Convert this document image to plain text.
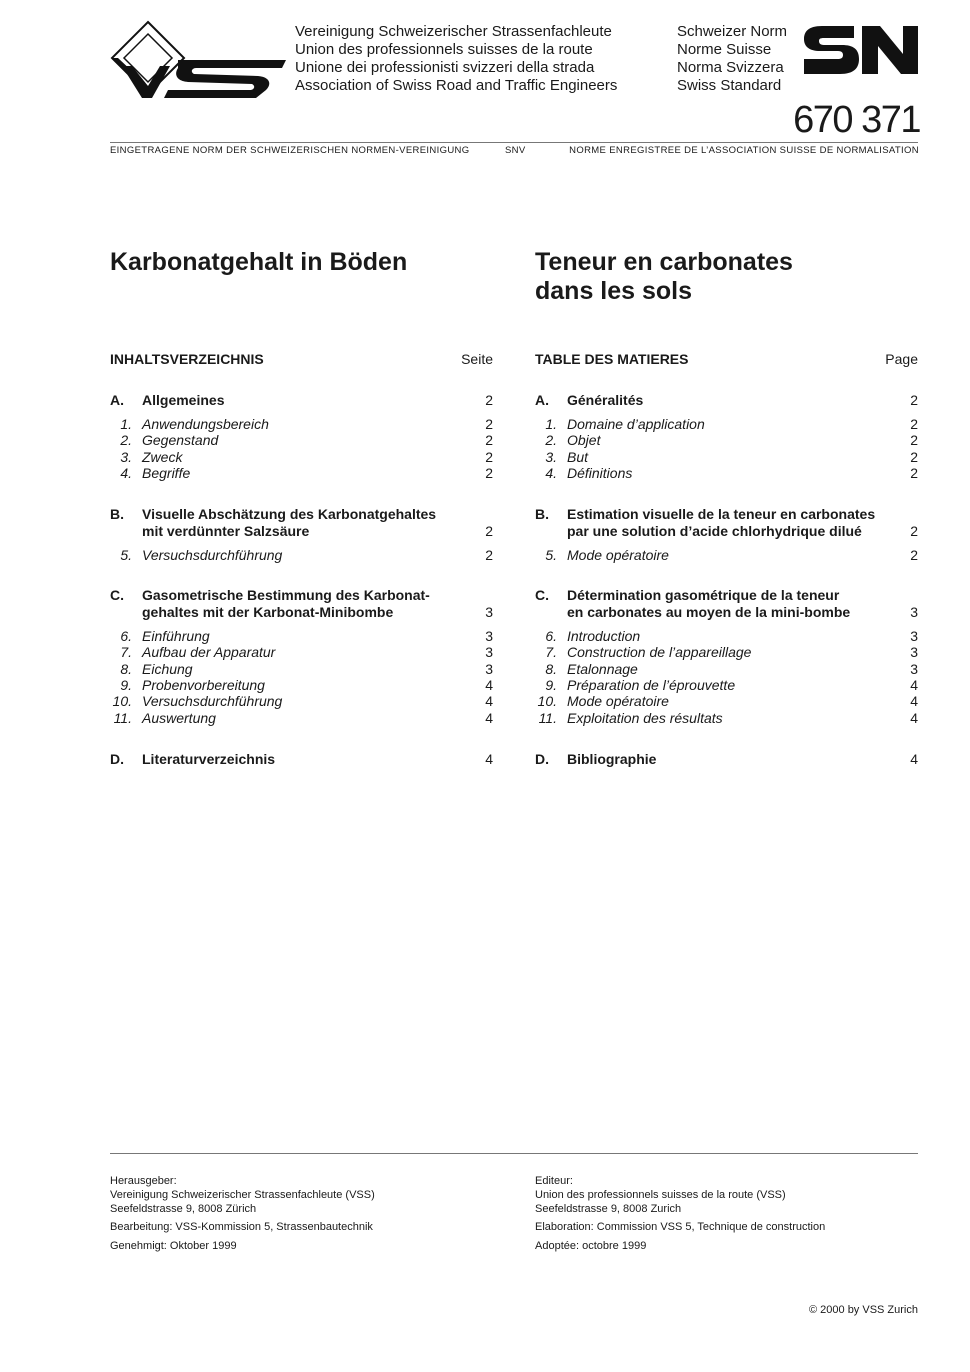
Vereinigung Schweizerischer Strassenfachleute
Union des professionnels suisses de la route
Unione dei professionisti svizzeri della strada
Association of Swiss Road and Traffic Engineers
Schweizer Norm
Norme Suisse
Norma Svizzera
Swiss Standard
670 371
EINGETRAGENE NORM DER SCHWEIZERISCHEN NORMEN-VEREINIGUNG	SNV	NORME ENREGISTREE DE L’ASSOCIATION SUISSE DE NORMALISATION
Karbonatgehalt in Böden	Teneur en carbonates
dans les sols
INHALTSVERZEICHNIS	Seite
A. Allgemeines	2
1. Anwendungsbereich	2
2. Gegenstand	2
3. Zweck	2
4. Begriffe	2
B. Visuelle Abschätzung des Karbonatgehaltes
mit verdünnter Salzsäure	2
5. Versuchsdurchführung	2
C. Gasometrische Bestimmung des Karbonat-
gehaltes mit der Karbonat-Minibombe	3
6. Einführung	3
7. Aufbau der Apparatur	3
8. Eichung	3
9. Probenvorbereitung	4
10. Versuchsdurchführung	4
11. Auswertung	4
D. Literaturverzeichnis	4
TABLE DES MATIERES	Page
A. Généralités	2
1. Domaine d’application	2
2. Objet	2
3. But	2
4. Définitions	2
B. Estimation visuelle de la teneur en carbonates
par une solution d’acide chlorhydrique dilué	2
5. Mode opératoire	2
C. Détermination gasométrique de la teneur
en carbonates au moyen de la mini-bombe	3
6. Introduction	3
7. Construction de l’appareillage	3
8. Etalonnage	3
9. Préparation de l’éprouvette	4
10. Mode opératoire	4
11. Exploitation des résultats	4
D. Bibliographie	4
Herausgeber:
Vereinigung Schweizerischer Strassenfachleute (VSS)
Seefeldstrasse 9, 8008 Zürich
Bearbeitung: VSS-Kommission 5, Strassenbautechnik
Genehmigt: Oktober 1999
Editeur:
Union des professionnels suisses de la route (VSS)
Seefeldstrasse 9, 8008 Zurich
Elaboration: Commission VSS 5, Technique de construction
Adoptée: octobre 1999
© 2000 by VSS Zurich
